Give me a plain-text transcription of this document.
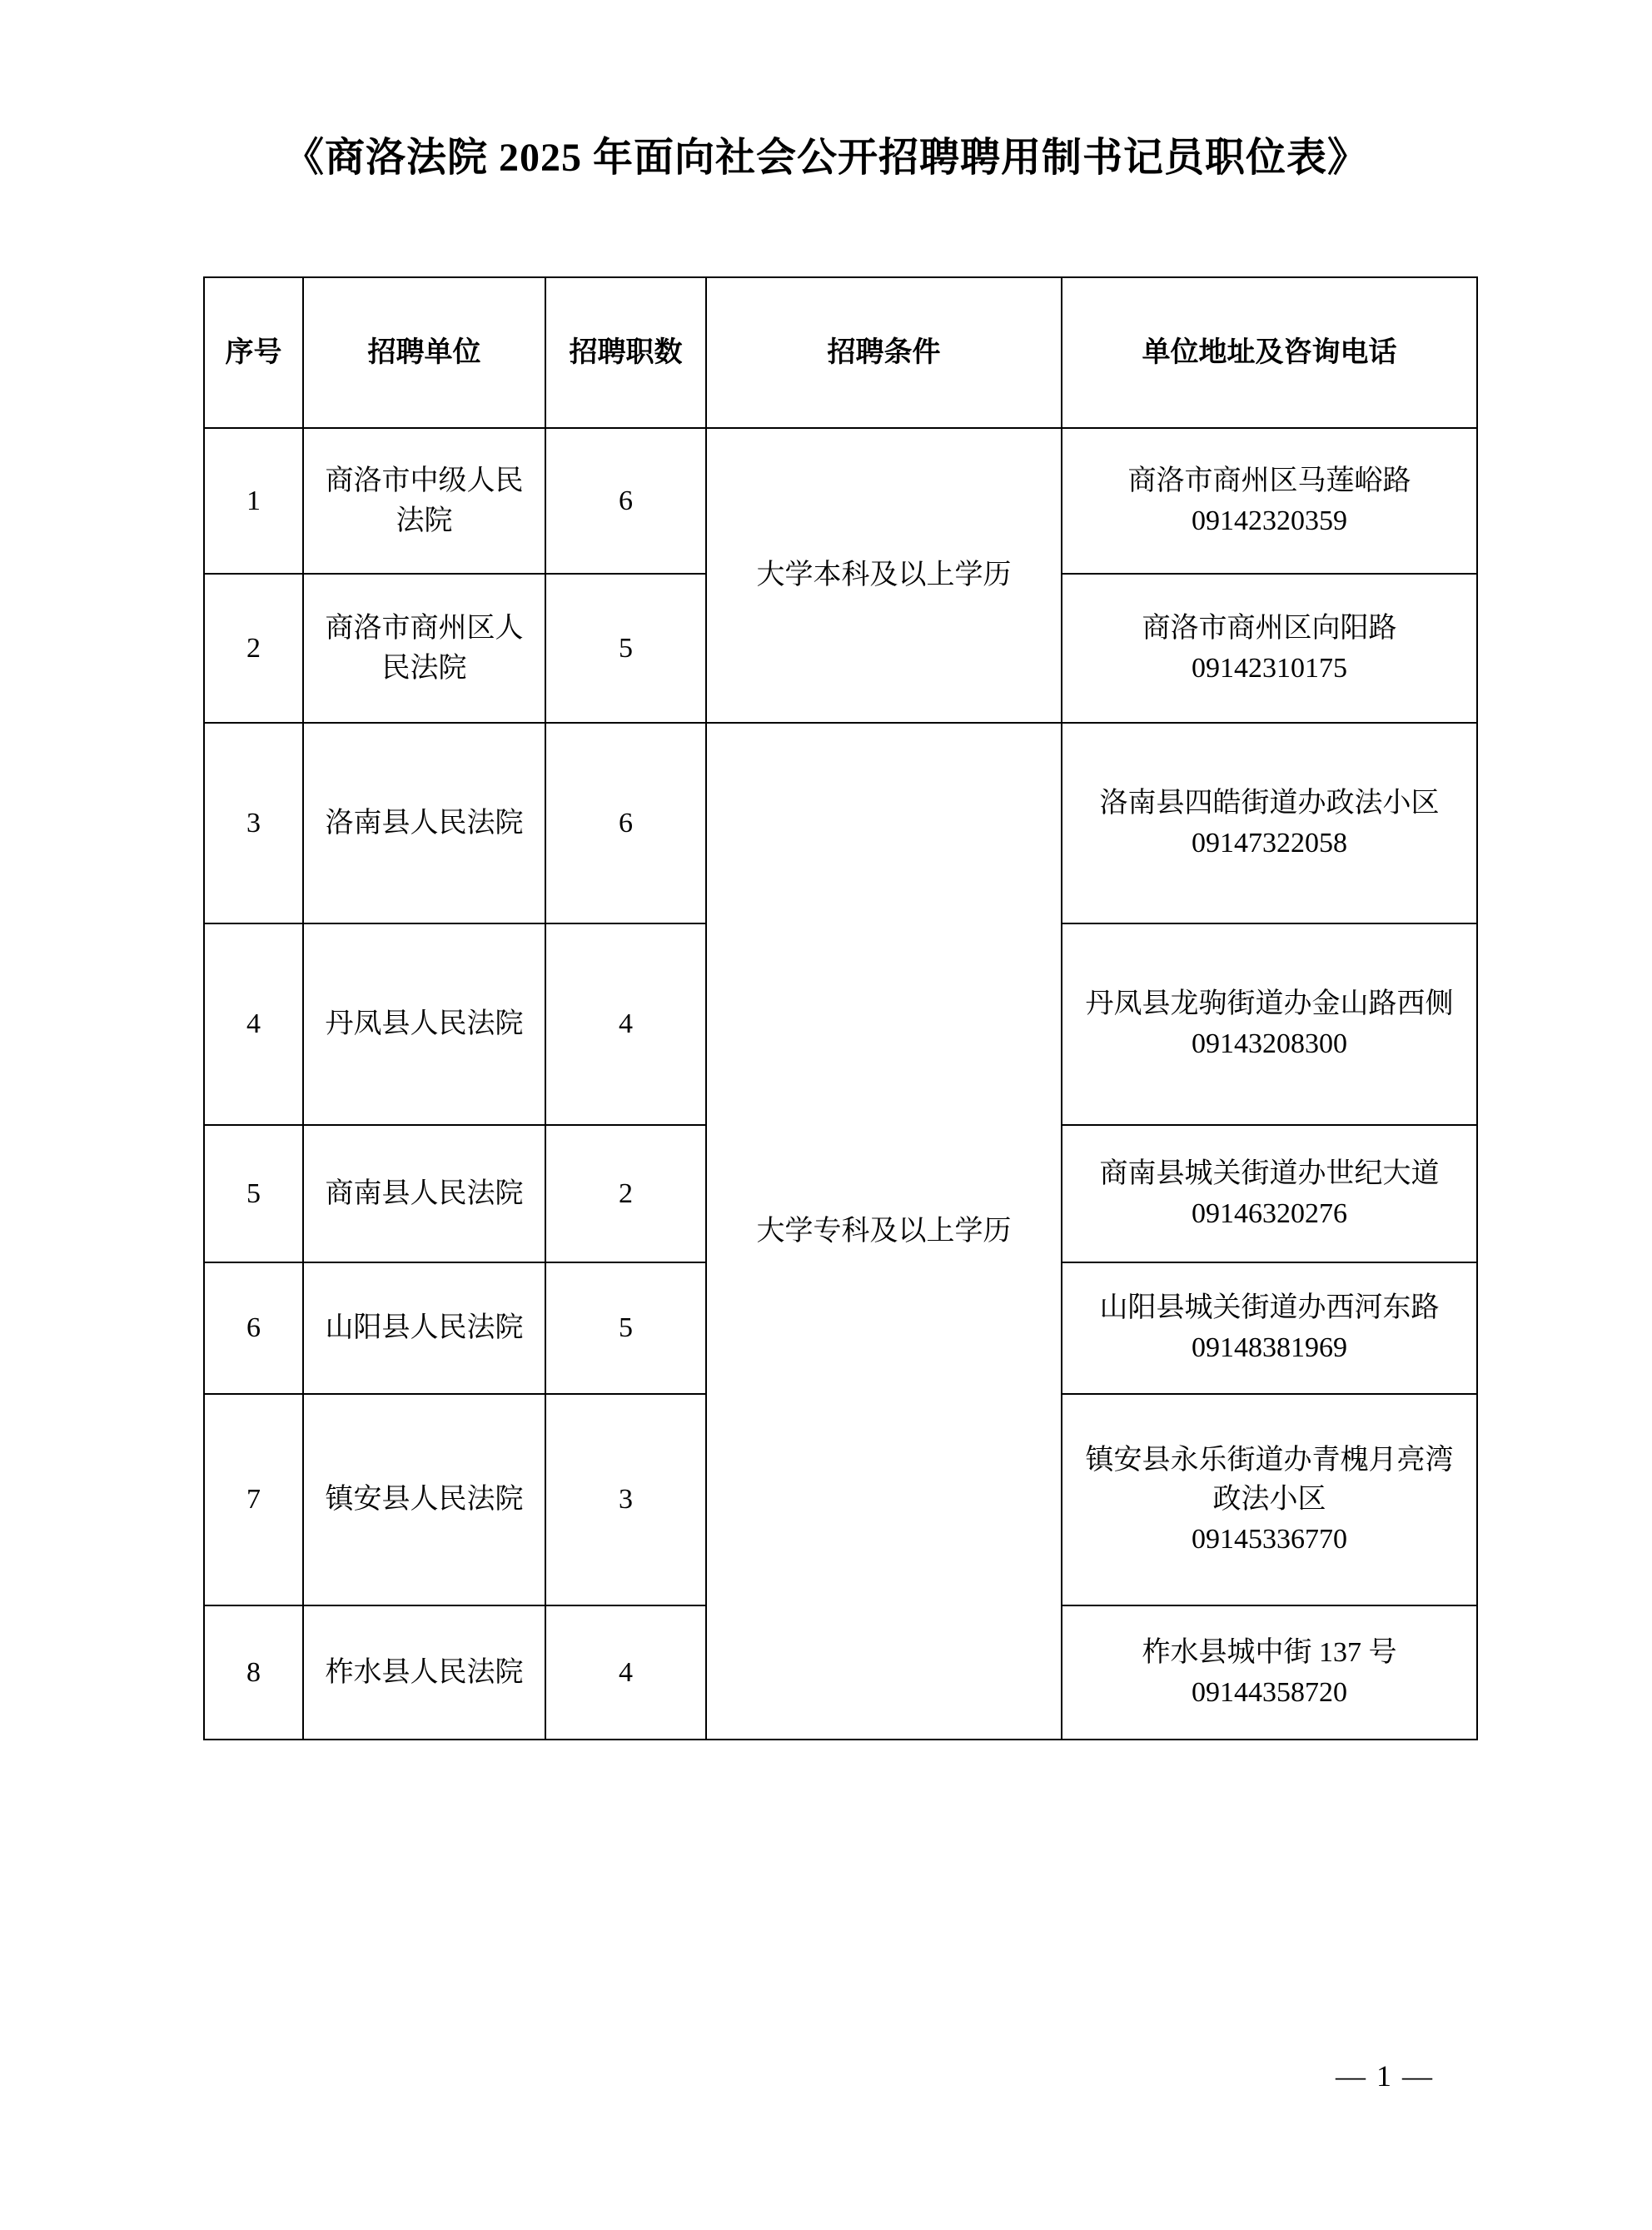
《商洛法院 2025 年面向社会公开招聘聘用制书记员职位表》
序号	招聘单位	招聘职数	招聘条件	单位地址及咨询电话
1	商洛市中级人民法院	6	大学本科及以上学历	商洛市商州区马莲峪路
09142320359

2	商洛市商州区人民法院	5		商洛市商州区向阳路
09142310175

3	洛南县人民法院	6	大学专科及以上学历	洛南县四皓街道办政法小区
09147322058

4	丹凤县人民法院	4		丹凤县龙驹街道办金山路西侧
09143208300

5	商南县人民法院	2		商南县城关街道办世纪大道
09146320276

6	山阳县人民法院	5		山阳县城关街道办西河东路
09148381969

7	镇安县人民法院	3		镇安县永乐街道办青槐月亮湾政法小区
09145336770

8	柞水县人民法院	4		柞水县城中街 137 号
09144358720
— 1 —
